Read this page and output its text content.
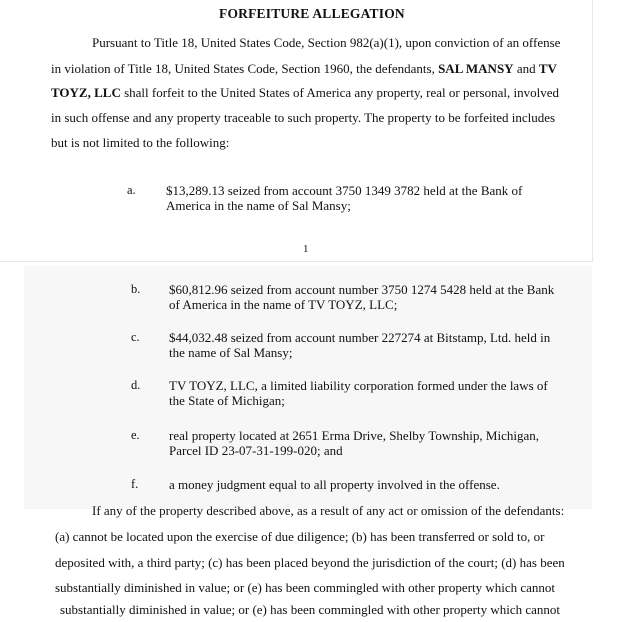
FORFEITURE ALLEGATION
Pursuant to Title 18, United States Code, Section 982(a)(1), upon conviction of an offense
in violation of Title 18, United States Code, Section 1960, the defendants, SAL MANSY and TV
TOYZ, LLC shall forfeit to the United States of America any property, real or personal, involved
in such offense and any property traceable to such property. The property to be forfeited includes
but is not limited to the following:
a. $13,289.13 seized from account 3750 1349 3782 held at the Bank of
America in the name of Sal Mansy;
1
b. $60,812.96 seized from account number 3750 1274 5428 held at the Bank
of America in the name of TV TOYZ, LLC;
c. $44,032.48 seized from account number 227274 at Bitstamp, Ltd. held in
the name of Sal Mansy;
d. TV TOYZ, LLC, a limited liability corporation formed under the laws of
the State of Michigan;
e. real property located at 2651 Erma Drive, Shelby Township, Michigan,
Parcel ID 23-07-31-199-020; and
f. a money judgment equal to all property involved in the offense.
If any of the property described above, as a result of any act or omission of the defendants:
(a) cannot be located upon the exercise of due diligence; (b) has been transferred or sold to, or
deposited with, a third party; (c) has been placed beyond the jurisdiction of the court; (d) has been
substantially diminished in value; or (e) has been commingled with other property which cannot
substantially diminished in value; or (e) has been commingled with other property which cannot
